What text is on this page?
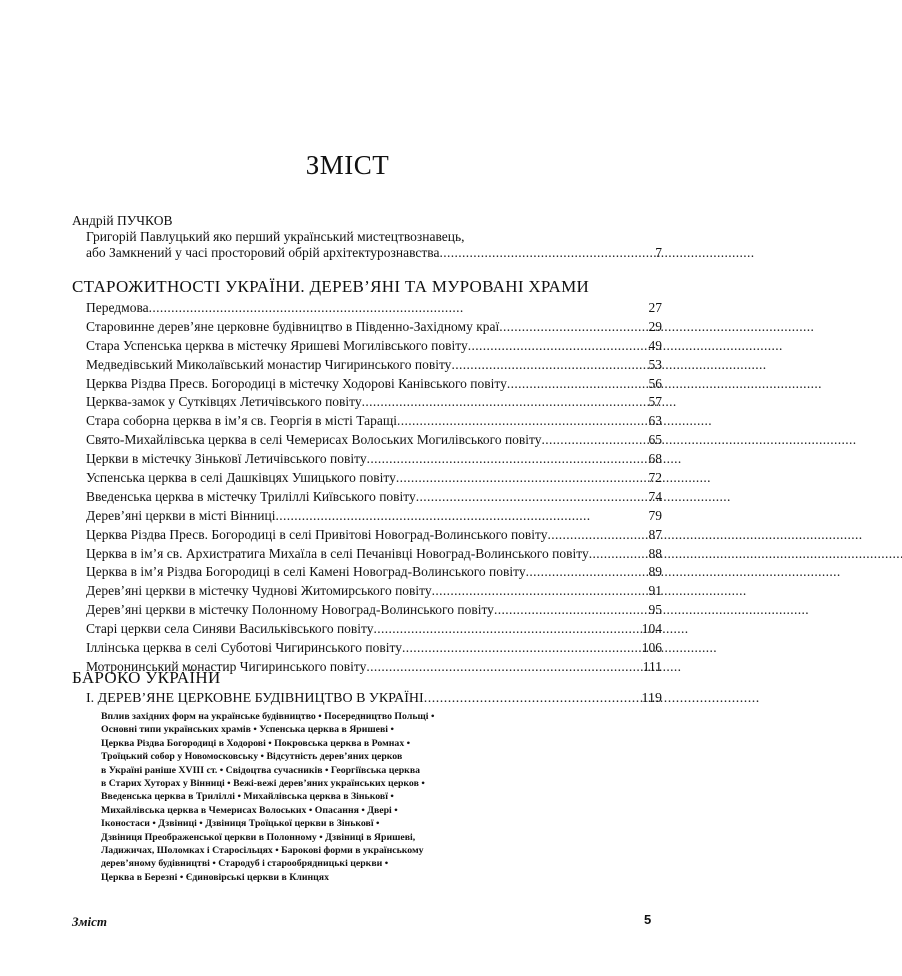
ЗМІСТ
Андрій ПУЧКОВ
Григорій Павлуцький яко перший український мистецтвознавець,
або Замкнений у часі просторовий обрій архітектурознавства . . .	7
СТАРОЖИТНОСТІ УКРАЇНИ. ДЕРЕВ’ЯНІ ТА МУРОВАНІ ХРАМИ
Передмова . . .	27
Старовинне дерев’яне церковне будівництво в Південно-Західному краї . . .	29
Стара Успенська церква в містечку Яришеві Могилівського повіту . . .	49
Медведівський Миколаївський монастир Чигиринського повіту . . .	53
Церква Різдва Пресв. Богородиці в містечку Ходорові Канівського повіту . . .	56
Церква-замок у Сутківцях Летичівського повіту . . .	57
Стара соборна церква в ім’я св. Георгія в місті Таращі . . .	63
Свято-Михайлівська церква в селі Чемерисах Волоських Могилівського повіту . . .	65
Церкви в містечку Зіньковї Летичівського повіту . . .	68
Успенська церква в селі Дашківцях Ушицького повіту . . .	72
Введенська церква в містечку Триліллі Київського повіту . . .	74
Дерев’яні церкви в місті Вінниці . . .	79
Церква Різдва Пресв. Богородиці в селі Привітові Новоград-Волинського повіту . . .	87
Церква в ім’я св. Архистратига Михаїла в селі Печанівці Новоград-Волинського повіту . . .	88
Церква в ім’я Різдва Богородиці в селі Камені Новоград-Волинського повіту . . .	89
Дерев’яні церкви в містечку Чуднові Житомирського повіту . . .	91
Дерев’яні церкви в містечку Полонному Новоград-Волинського повіту . . .	95
Старі церкви села Синяви Васильківського повіту . . .	104
Іллінська церква в селі Суботові Чигиринського повіту . . .	106
Мотронинський монастир Чигиринського повіту . . .	111
БАРОКО УКРАЇНИ
I. ДЕРЕВ’ЯНЕ ЦЕРКОВНЕ БУДІВНИЦТВО В УКРАЇНІ . . .	119
Вплив західних форм на українське будівництво • Посередництво Польщі •
Основні типи українських храмів • Успенська церква в Яришеві •
Церква Різдва Богородиці в Ходорові • Покровська церква в Ромнах •
Троїцький собор у Новомосковську • Відсутність дерев’яних церков
в Україні раніше XVIII ст. • Свідоцтва сучасників • Георгіївська церква
в Старих Хуторах у Вінниці • Вежі-вежі дерев’яних українських церков •
Введенська церква в Триліллі • Михайлівська церква в Зіньковї •
Михайлівська церква в Чемерисах Волоських • Опасання • Двері •
Іконостаси • Дзвіниці • Дзвіниця Троїцької церкви в Зіньковї •
Дзвіниця Преображенської церкви в Полонному • Дзвіниці в Яришеві,
Ладижичах, Шоломках і Старосільцях • Барокові форми в українському
дерев’яному будівництві • Стародуб і старообрядницькі церкви •
Церква в Березні • Єдиновірські церкви в Клинцях
Зміст	5
